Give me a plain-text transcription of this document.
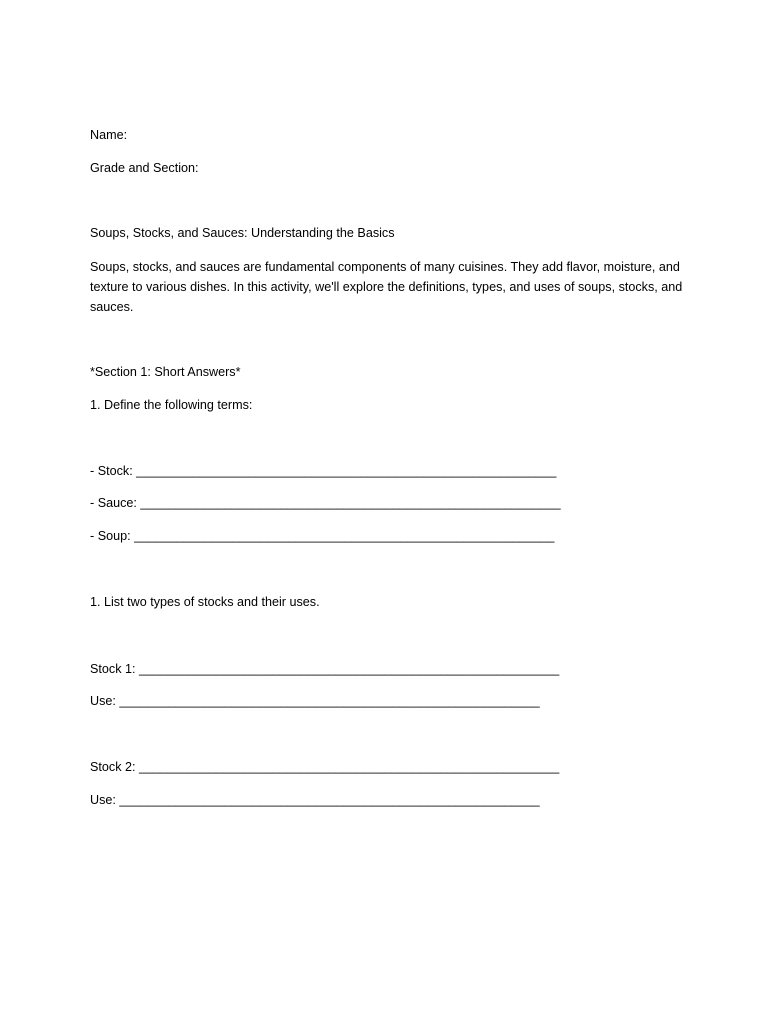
Name:

Grade and Section:

Soups, Stocks, and Sauces: Understanding the Basics

Soups, stocks, and sauces are fundamental components of many cuisines. They add flavor, moisture, and texture to various dishes. In this activity, we'll explore the definitions, types, and uses of soups, stocks, and sauces.

*Section 1: Short Answers*

1. Define the following terms:

- Stock: ____________________________________________________________

- Sauce: ____________________________________________________________

- Soup: ____________________________________________________________

1. List two types of stocks and their uses.

Stock 1: ____________________________________________________________

Use: ____________________________________________________________

Stock 2: ____________________________________________________________

Use: ____________________________________________________________
